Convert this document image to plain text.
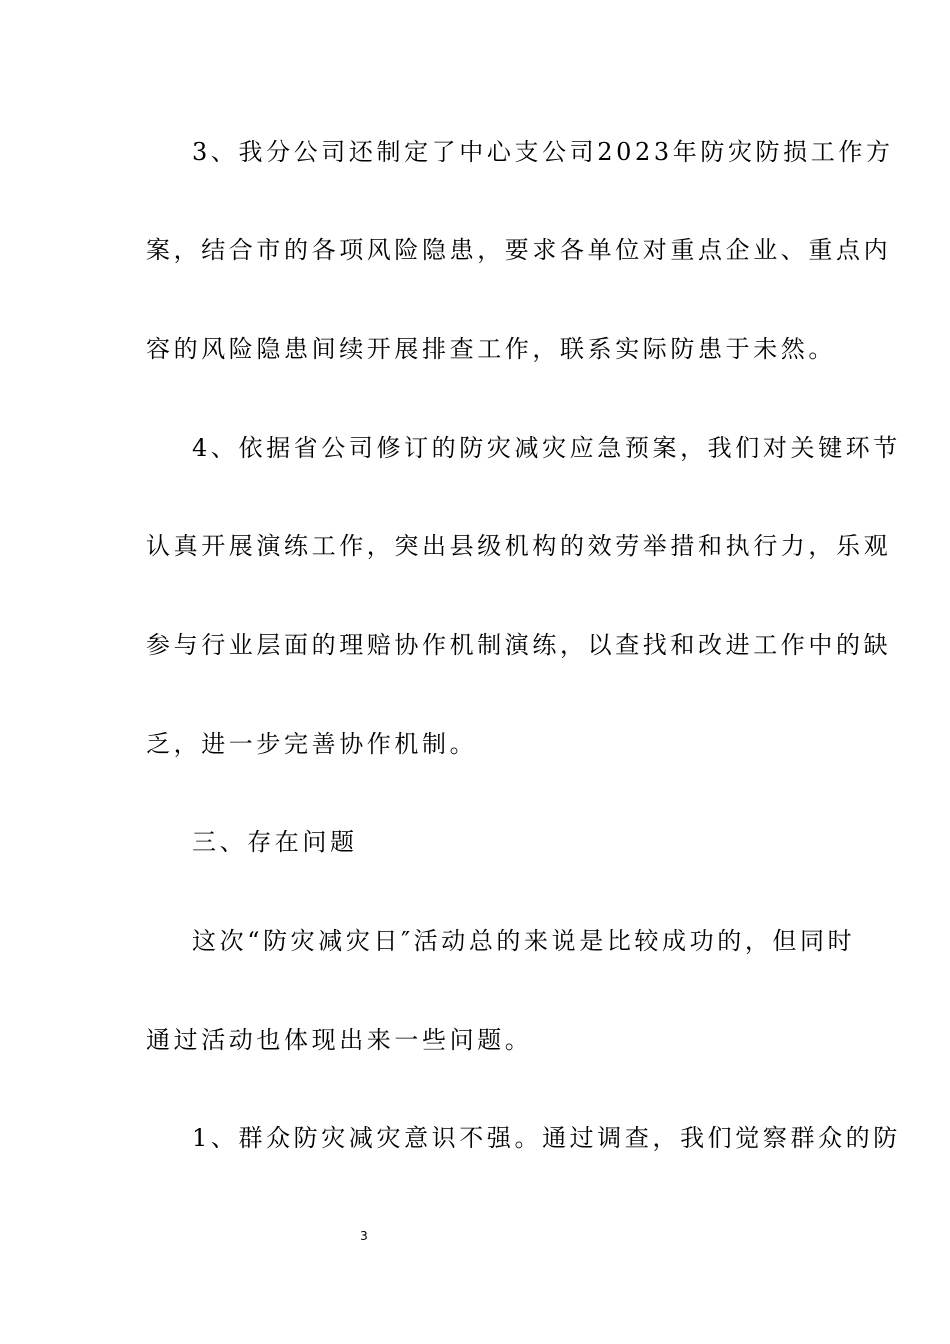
3、我分公司还制定了中心支公司2023年防灾防损工作方
案，结合市的各项风险隐患，要求各单位对重点企业、重点内
容的风险隐患间续开展排查工作，联系实际防患于未然。
4、依据省公司修订的防灾减灾应急预案，我们对关键环节
认真开展演练工作，突出县级机构的效劳举措和执行力，乐观
参与行业层面的理赔协作机制演练，以查找和改进工作中的缺
乏，进一步完善协作机制。
三、存在问题
这次“防灾减灾日″活动总的来说是比较成功的，但同时
通过活动也体现出来一些问题。
1、群众防灾减灾意识不强。通过调查，我们觉察群众的防
3
